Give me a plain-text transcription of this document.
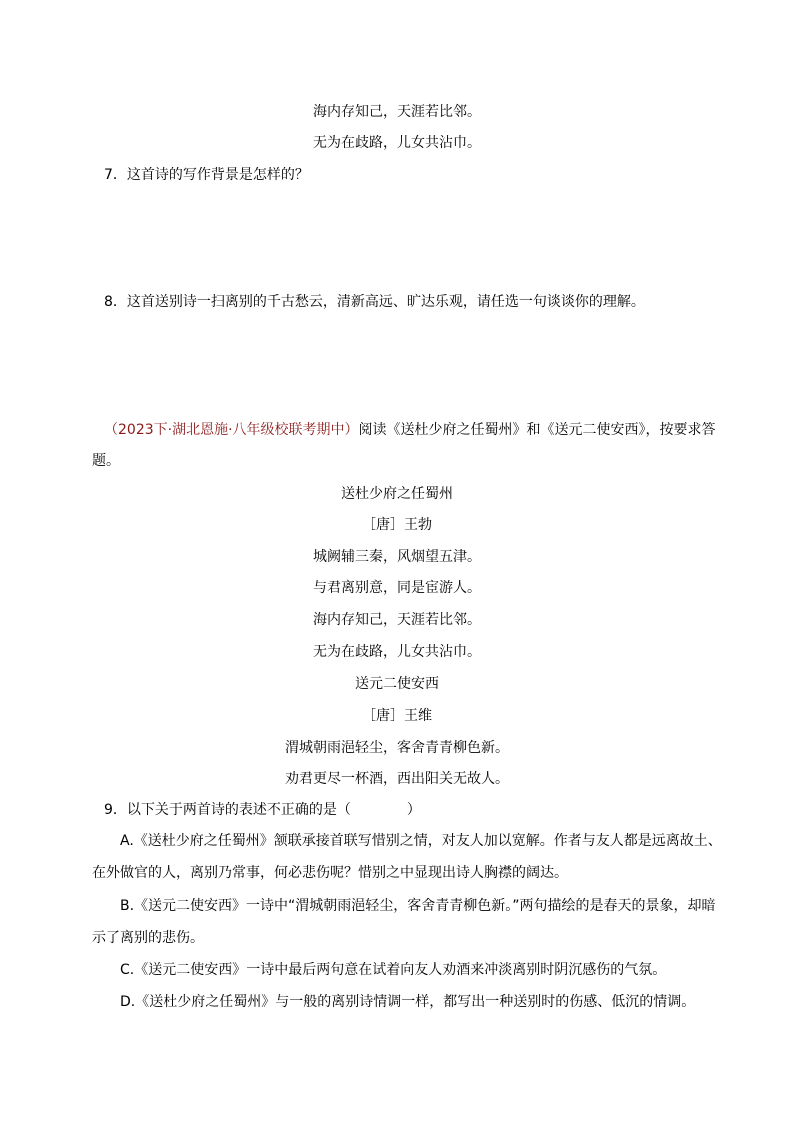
海内存知己，天涯若比邻。
无为在歧路，儿女共沾巾。
7．这首诗的写作背景是怎样的？
8．这首送别诗一扫离别的千古愁云，清新高远、旷达乐观，请任选一句谈谈你的理解。
（2023下·湖北恩施·八年级校联考期中）阅读《送杜少府之任蜀州》和《送元二使安西》，按要求答
题。
送杜少府之任蜀州
［唐］王勃
城阙辅三秦，风烟望五津。
与君离别意，同是宦游人。
海内存知己，天涯若比邻。
无为在歧路，儿女共沾巾。
送元二使安西
［唐］王维
渭城朝雨浥轻尘，客舍青青柳色新。
劝君更尽一杯酒，西出阳关无故人。
9．以下关于两首诗的表述不正确的是（	）
A.《送杜少府之任蜀州》颔联承接首联写惜别之情，对友人加以宽解。作者与友人都是远离故土、
在外做官的人，离别乃常事，何必悲伤呢？惜别之中显现出诗人胸襟的阔达。
B.《送元二使安西》一诗中“渭城朝雨浥轻尘，客舍青青柳色新。”两句描绘的是春天的景象，却暗
示了离别的悲伤。
C.《送元二使安西》一诗中最后两句意在试着向友人劝酒来冲淡离别时阴沉感伤的气氛。
D.《送杜少府之任蜀州》与一般的离别诗情调一样，都写出一种送别时的伤感、低沉的情调。
